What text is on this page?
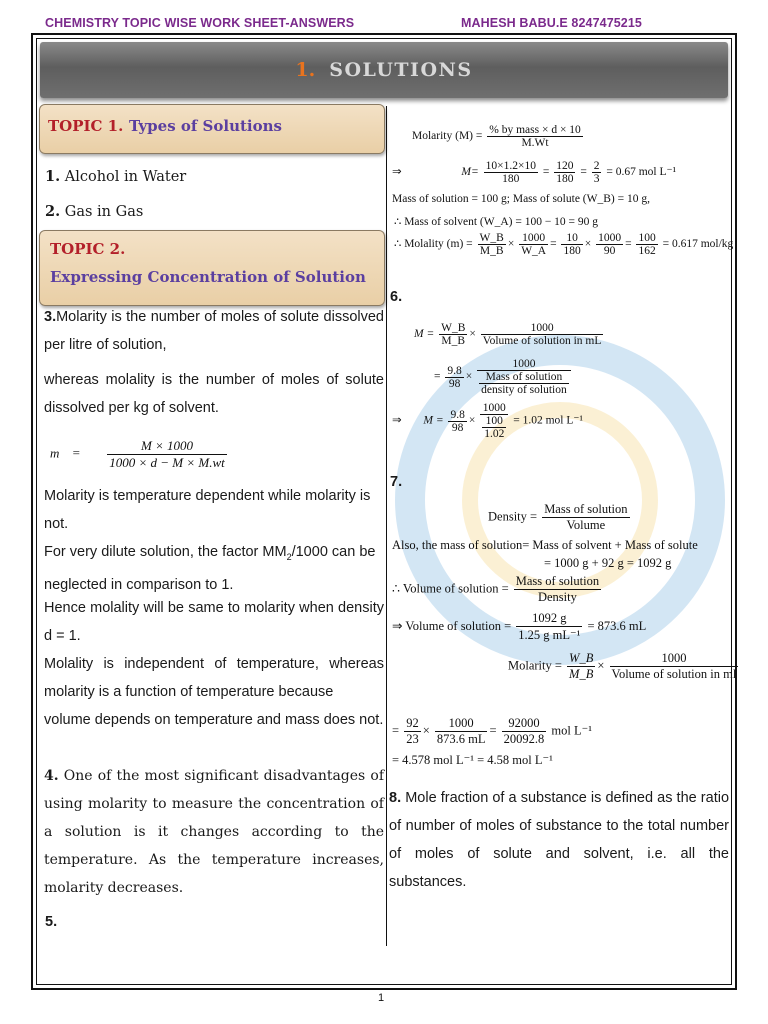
CHEMISTRY TOPIC WISE WORK SHEET-ANSWERS	MAHESH BABU.E 8247475215
1. SOLUTIONS
TOPIC 1. Types of Solutions
1. Alcohol in Water
2. Gas in Gas
TOPIC 2.
Expressing Concentration of Solution
3.Molarity is the number of moles of solute dissolved per litre of solution,
whereas molality is the number of moles of solute dissolved per kg of solvent.
$m = \frac{M \times 1000}{1000 \times d - M \times M.wt}$
Molarity is temperature dependent while molarity is not.
For very dilute solution, the factor $MM_2/1000$ can be neglected in comparison to 1.
Hence molality will be same to molarity when density d = 1.
Molality is independent of temperature, whereas molarity is a function of temperature because
volume depends on temperature and mass does not.
4. One of the most significant disadvantages of using molarity to measure the concentration of a solution is it changes according to the temperature. As the temperature increases, molarity decreases.
5.
Molarity $(M) = \frac{\text{\% by mass × d × 10}}{M.Wt}$
⇒	$M= \frac{10\times 1.2\times 10}{180} = \frac{120}{180} = \frac{2}{3} = 0.67$ mol L⁻¹
Mass of solution = 100 g; Mass of solute (W_B) = 10 g,
∴ Mass of solvent (W_A) = 100 − 10 = 90 g
∴ Molality $(m) = \frac{W\_B}{M\_B} \times \frac{1000}{W\_A} = \frac{10}{180} \times \frac{1000}{90} = \frac{100}{162} = 0.617$ mol/kg
6.
$M = \frac{W\_B}{M\_B} \times \frac{1000}{\text{Volume of solution in mL}}$
= $\frac{9.8}{98} \times \frac{1000}{\frac{\text{Mass of solution}}{\text{density of solution}}}$
⇒ $M = \frac{9.8}{98} \times \frac{1000}{\frac{100}{1.02}} = 1.02$ mol L⁻¹
7.
Density = $\frac{\text{Mass of solution}}{\text{Volume}}$
Also, the mass of solution= Mass of solvent + Mass of solute
= 1000 g + 92 g = 1092 g
∴ Volume of solution = $\frac{\text{Mass of solution}}{\text{Density}}$
⇒ Volume of solution = $\frac{1092 g}{\text{1.25 g mL⁻¹}} = 873.6$ mL
Molarity = $\frac{W\_B}{M\_B} \times \frac{1000}{\text{Volume of solution in ml}}$
= $\frac{92}{23} \times \frac{1000}{873.6 mL} = \frac{92000}{20092.8}$ mol L⁻¹
= 4.578 mol L⁻¹ = 4.58 mol L⁻¹
8. Mole fraction of a substance is defined as the ratio of number of moles of substance to the total number of moles of solute and solvent, i.e. all the substances.
1
